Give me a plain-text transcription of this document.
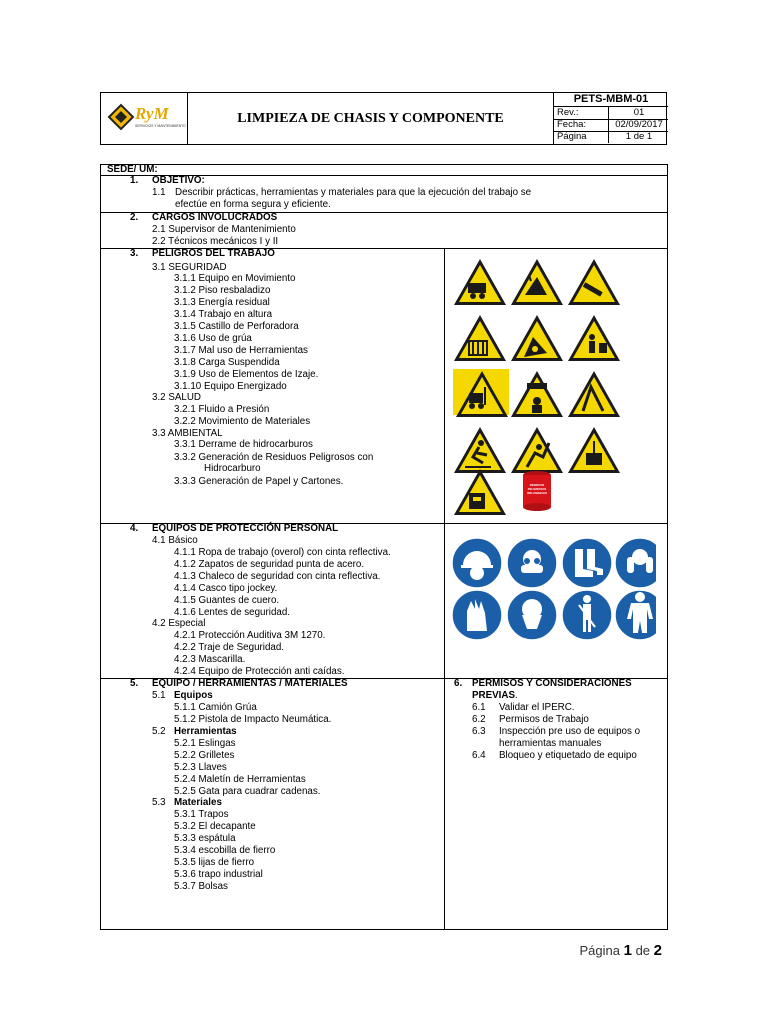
RyM
SERVICIOS Y MANTENIMIENTO
LIMPIEZA DE CHASIS Y COMPONENTE
PETS-MBM-01
Rev.:	01
Fecha:	02/09/2017
Página	1 de 1
SEDE/ UM:
1. OBJETIVO:
1.1 Describir prácticas, herramientas y materiales para que la ejecución del trabajo se
efectúe en forma segura y eficiente.
2. CARGOS INVOLUCRADOS
2.1 Supervisor de Mantenimiento
2.2 Técnicos mecánicos I y II
3. PELIGROS DEL TRABAJO
3.1 SEGURIDAD
3.1.1 Equipo en Movimiento
3.1.2 Piso resbaladizo
3.1.3 Energía residual
3.1.4 Trabajo en altura
3.1.5 Castillo de Perforadora
3.1.6 Uso de grúa
3.1.7 Mal uso de Herramientas
3.1.8 Carga Suspendida
3.1.9 Uso de Elementos de Izaje.
3.1.10 Equipo Energizado
3.2 SALUD
3.2.1 Fluido a Presión
3.2.2 Movimiento de Materiales
3.3 AMBIENTAL
3.3.1 Derrame de hidrocarburos
3.3.2 Generación de Residuos Peligrosos con
Hidrocarburo
3.3.3 Generación de Papel y Cartones.	RESIDUOS
PELIGROSOS
INFLAMABLES
4. EQUIPOS DE PROTECCIÓN PERSONAL
4.1 Básico
4.1.1 Ropa de trabajo (overol) con cinta reflectiva.
4.1.2 Zapatos de seguridad punta de acero.
4.1.3 Chaleco de seguridad con cinta reflectiva.
4.1.4 Casco tipo jockey.
4.1.5 Guantes de cuero.
4.1.6 Lentes de seguridad.
4.2 Especial
4.2.1 Protección Auditiva 3M 1270.
4.2.2 Traje de Seguridad.
4.2.3 Mascarilla.
4.2.4 Equipo de Protección anti caídas.
5. EQUIPO / HERRAMIENTAS / MATERIALES
5.1 Equipos
5.1.1 Camión Grúa
5.1.2 Pistola de Impacto Neumática.
5.2 Herramientas
5.2.1 Eslingas
5.2.2 Grilletes
5.2.3 Llaves
5.2.4 Maletín de Herramientas
5.2.5 Gata para cuadrar cadenas.
5.3 Materiales
5.3.1 Trapos
5.3.2 El decapante
5.3.3 espátula
5.3.4 escobilla de fierro
5.3.5 lijas de fierro
5.3.6 trapo industrial
5.3.7 Bolsas
6. PERMISOS Y CONSIDERACIONES
PREVIAS.
6.1 Validar el IPERC.
6.2 Permisos de Trabajo
6.3 Inspección pre uso de equipos o
herramientas manuales
6.4 Bloqueo y etiquetado de equipo
Página 1 de 2
